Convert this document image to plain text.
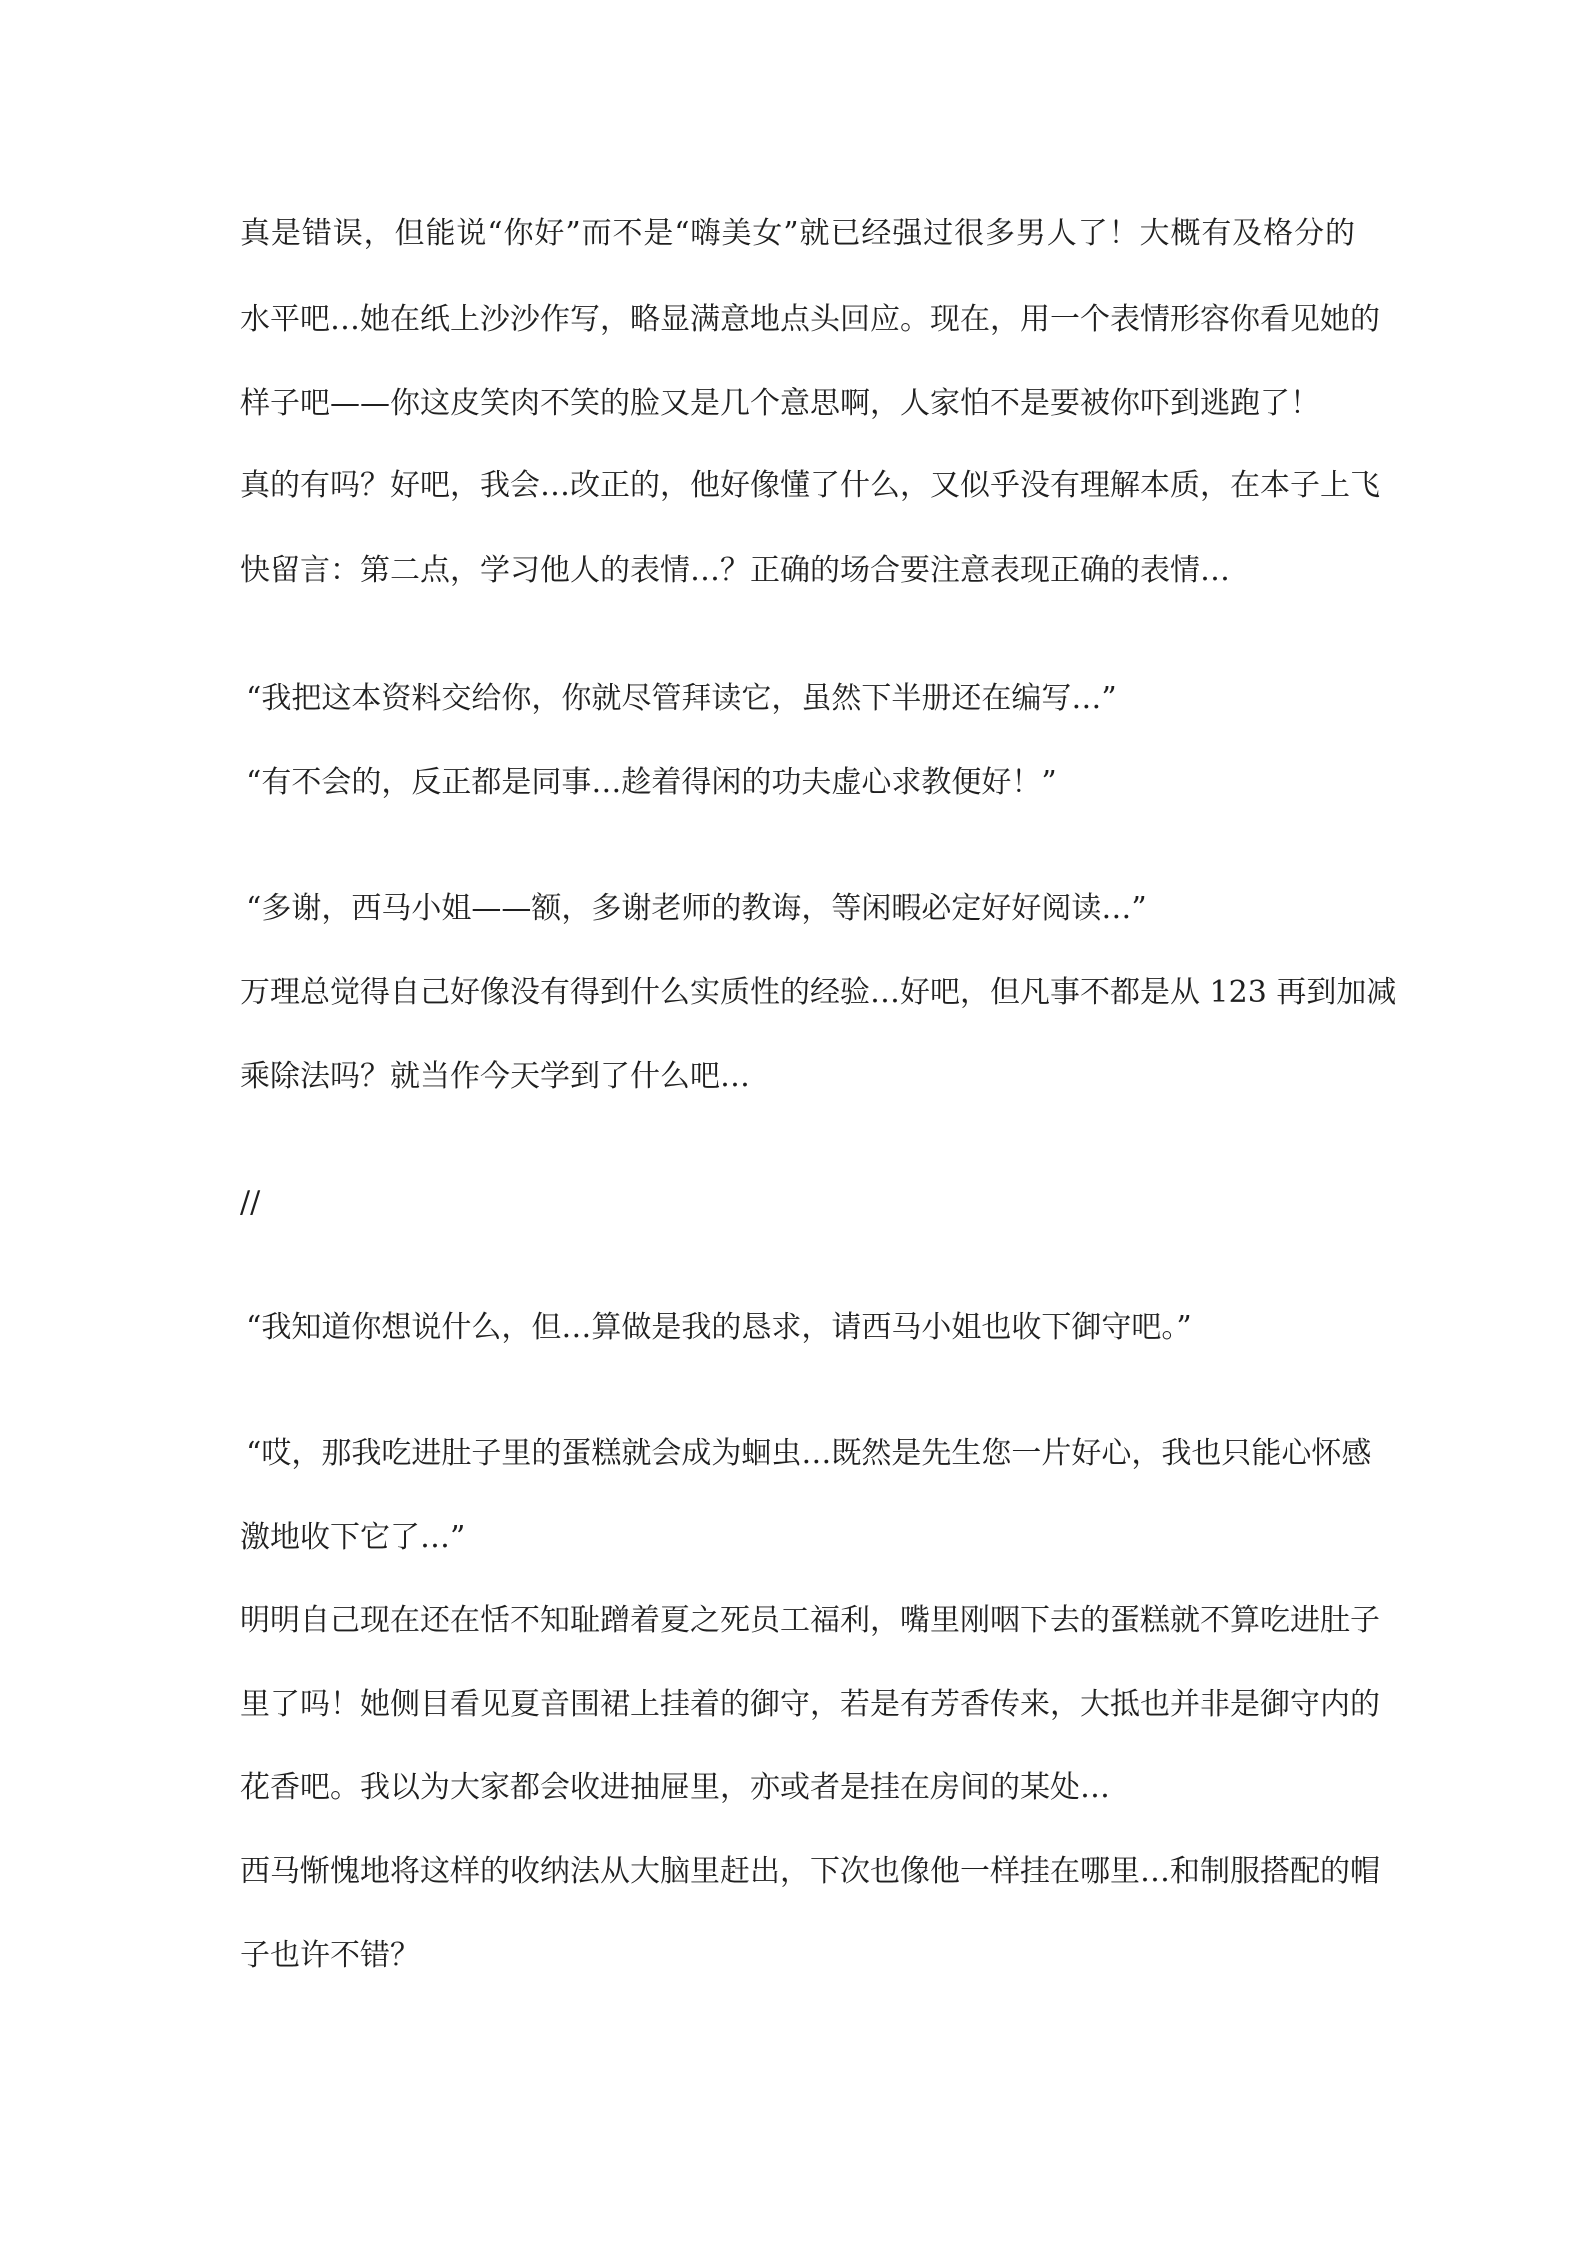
真是错误，但能说“你好”而不是“嗨美女”就已经强过很多男人了！大概有及格分的
水平吧…她在纸上沙沙作写，略显满意地点头回应。现在，用一个表情形容你看见她的
样子吧——你这皮笑肉不笑的脸又是几个意思啊，人家怕不是要被你吓到逃跑了！
真的有吗？好吧，我会…改正的，他好像懂了什么，又似乎没有理解本质，在本子上飞
快留言：第二点，学习他人的表情…？正确的场合要注意表现正确的表情…
“我把这本资料交给你，你就尽管拜读它，虽然下半册还在编写…”
“有不会的，反正都是同事…趁着得闲的功夫虚心求教便好！”
“多谢，西马小姐——额，多谢老师的教诲，等闲暇必定好好阅读…”
万理总觉得自己好像没有得到什么实质性的经验…好吧，但凡事不都是从 123 再到加减
乘除法吗？就当作今天学到了什么吧…
//
“我知道你想说什么，但…算做是我的恳求，请西马小姐也收下御守吧。”
“哎，那我吃进肚子里的蛋糕就会成为蛔虫…既然是先生您一片好心，我也只能心怀感
激地收下它了…”
明明自己现在还在恬不知耻蹭着夏之死员工福利，嘴里刚咽下去的蛋糕就不算吃进肚子
里了吗！她侧目看见夏音围裙上挂着的御守，若是有芳香传来，大抵也并非是御守内的
花香吧。我以为大家都会收进抽屉里，亦或者是挂在房间的某处…
西马惭愧地将这样的收纳法从大脑里赶出，下次也像他一样挂在哪里…和制服搭配的帽
子也许不错？
